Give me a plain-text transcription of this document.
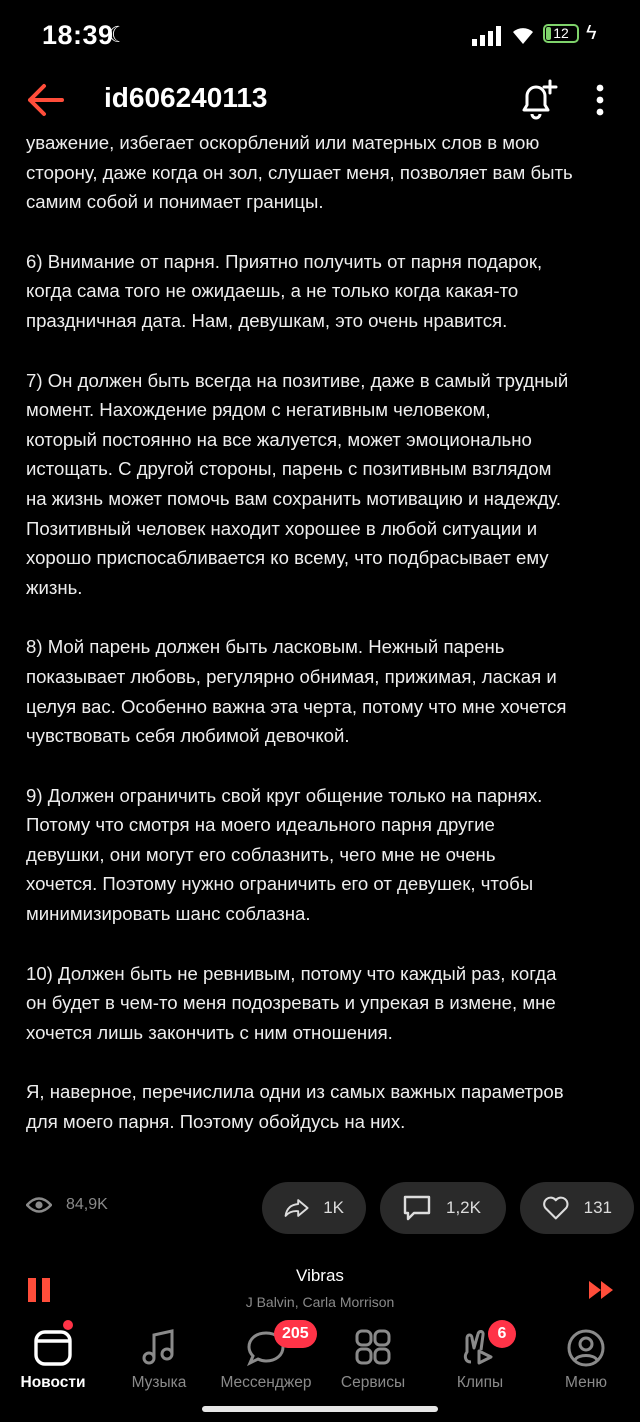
18:39
☾	12 ϟ
id606240113

уважение, избегает оскорблений или матерных слов в мою
сторону, даже когда он зол, слушает меня, позволяет вам быть
самим собой и понимает границы.

6) Внимание от парня. Приятно получить от парня подарок,
когда сама того не ожидаешь, а не только когда какая-то
праздничная дата. Нам, девушкам, это очень нравится.

7) Он должен быть всегда на позитиве, даже в самый трудный
момент. Нахождение рядом с негативным человеком,
который постоянно на все жалуется, может эмоционально
истощать. С другой стороны, парень с позитивным взглядом
на жизнь может помочь вам сохранить мотивацию и надежду.
Позитивный человек находит хорошее в любой ситуации и
хорошо приспосабливается ко всему, что подбрасывает ему
жизнь.

8) Мой парень должен быть ласковым. Нежный парень
показывает любовь, регулярно обнимая, прижимая, лаская и
целуя вас. Особенно важна эта черта, потому что мне хочется
чувствовать себя любимой девочкой.

9) Должен ограничить свой круг общение только на парнях.
Потому что смотря на моего идеального парня другие
девушки, они могут его соблазнить, чего мне не очень
хочется. Поэтому нужно ограничить его от девушек, чтобы
минимизировать шанс соблазна.

10) Должен быть не ревнивым, потому что каждый раз, когда
он будет в чем-то меня подозревать и упрекая в измене, мне
хочется лишь закончить с ним отношения.

Я, наверное, перечислила одни из самых важных параметров
для моего парня. Поэтому обойдусь на них.

84,9K	1K	1,2K	131
Vibras
J Balvin, Carla Morrison
Новости	Музыка
205
Мессенджер	Сервисы
6
Клипы	Меню
